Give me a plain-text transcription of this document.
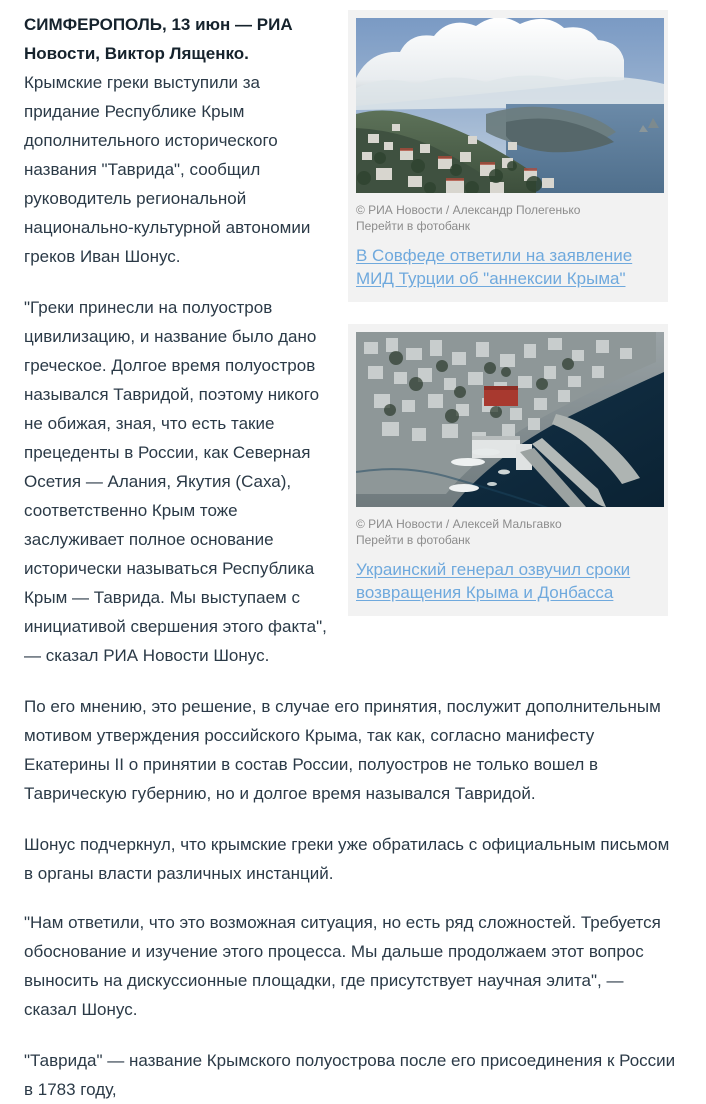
© РИА Новости / Александр Полегенько
Перейти в фотобанк
В Совфеде ответили на заявление МИД Турции об "аннексии Крыма"
© РИА Новости / Алексей Мальгавко
Перейти в фотобанк
Украинский генерал озвучил сроки возвращения Крыма и Донбасса

СИМФЕРОПОЛЬ, 13 июн — РИА Новости, Виктор Лященко. Крымские греки выступили за придание Республике Крым дополнительного исторического названия "Таврида", сообщил руководитель региональной национально-культурной автономии греков Иван Шонус.

"Греки принесли на полуостров цивилизацию, и название было дано греческое. Долгое время полуостров назывался Тавридой, поэтому никого не обижая, зная, что есть такие прецеденты в России, как Северная Осетия — Алания, Якутия (Саха), соответственно Крым тоже заслуживает полное основание исторически называться Республика Крым — Таврида. Мы выступаем с инициативой свершения этого факта", — сказал РИА Новости Шонус.

По его мнению, это решение, в случае его принятия, послужит дополнительным мотивом утверждения российского Крыма, так как, согласно манифесту Екатерины II о принятии в состав России, полуостров не только вошел в Таврическую губернию, но и долгое время назывался Тавридой.

Шонус подчеркнул, что крымские греки уже обратилась с официальным письмом в органы власти различных инстанций.

"Нам ответили, что это возможная ситуация, но есть ряд сложностей. Требуется обоснование и изучение этого процесса. Мы дальше продолжаем этот вопрос выносить на дискуссионные площадки, где присутствует научная элита", — сказал Шонус.

"Таврида" — название Крымского полуострова после его присоединения к России в 1783 году,
